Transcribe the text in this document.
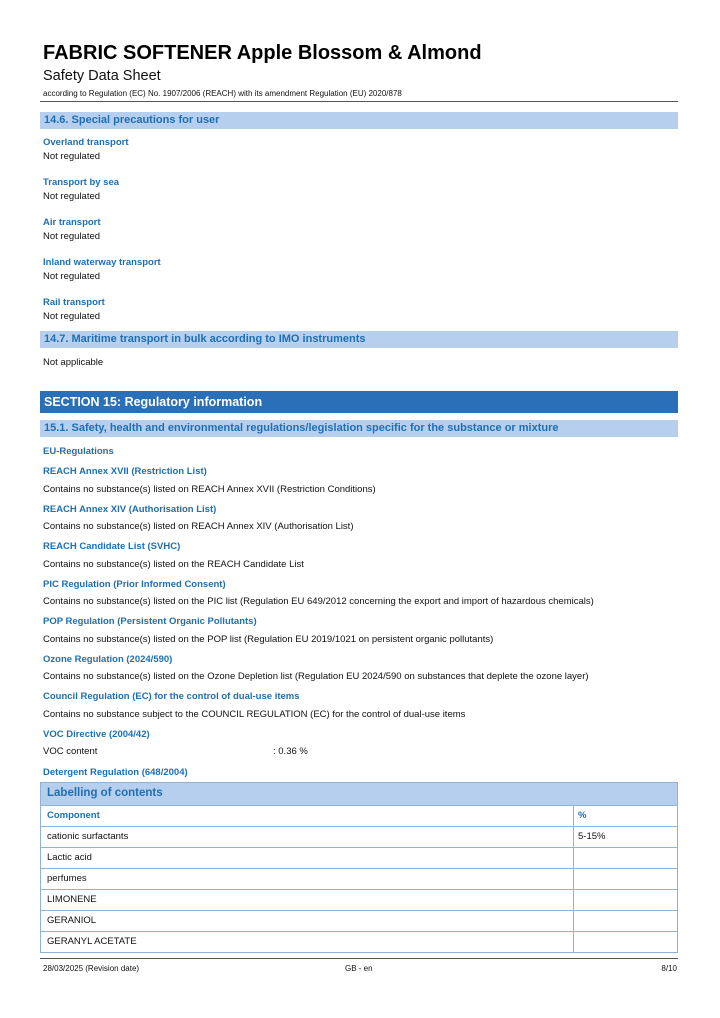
FABRIC SOFTENER Apple Blossom & Almond
Safety Data Sheet
according to Regulation (EC) No. 1907/2006 (REACH) with its amendment Regulation (EU) 2020/878
14.6. Special precautions for user
Overland transport
Not regulated
Transport by sea
Not regulated
Air transport
Not regulated
Inland waterway transport
Not regulated
Rail transport
Not regulated
14.7. Maritime transport in bulk according to IMO instruments
Not applicable
SECTION 15: Regulatory information
15.1. Safety, health and environmental regulations/legislation specific for the substance or mixture
EU-Regulations
REACH Annex XVII (Restriction List)
Contains no substance(s) listed on REACH Annex XVII (Restriction Conditions)
REACH Annex XIV (Authorisation List)
Contains no substance(s) listed on REACH Annex XIV (Authorisation List)
REACH Candidate List (SVHC)
Contains no substance(s) listed on the REACH Candidate List
PIC Regulation (Prior Informed Consent)
Contains no substance(s) listed on the PIC list (Regulation EU 649/2012 concerning the export and import of hazardous chemicals)
POP Regulation (Persistent Organic Pollutants)
Contains no substance(s) listed on the POP list (Regulation EU 2019/1021 on persistent organic pollutants)
Ozone Regulation (2024/590)
Contains no substance(s) listed on the Ozone Depletion list (Regulation EU 2024/590 on substances that deplete the ozone layer)
Council Regulation (EC) for the control of dual-use items
Contains no substance subject to the COUNCIL REGULATION (EC) for the control of dual-use items
VOC Directive (2004/42)
VOC content	: 0.36 %
Detergent Regulation (648/2004)
Labelling of contents
Component	%
cationic surfactants	5-15%
Lactic acid
perfumes
LIMONENE
GERANIOL
GERANYL ACETATE
28/03/2025 (Revision date)	GB - en	8/10
